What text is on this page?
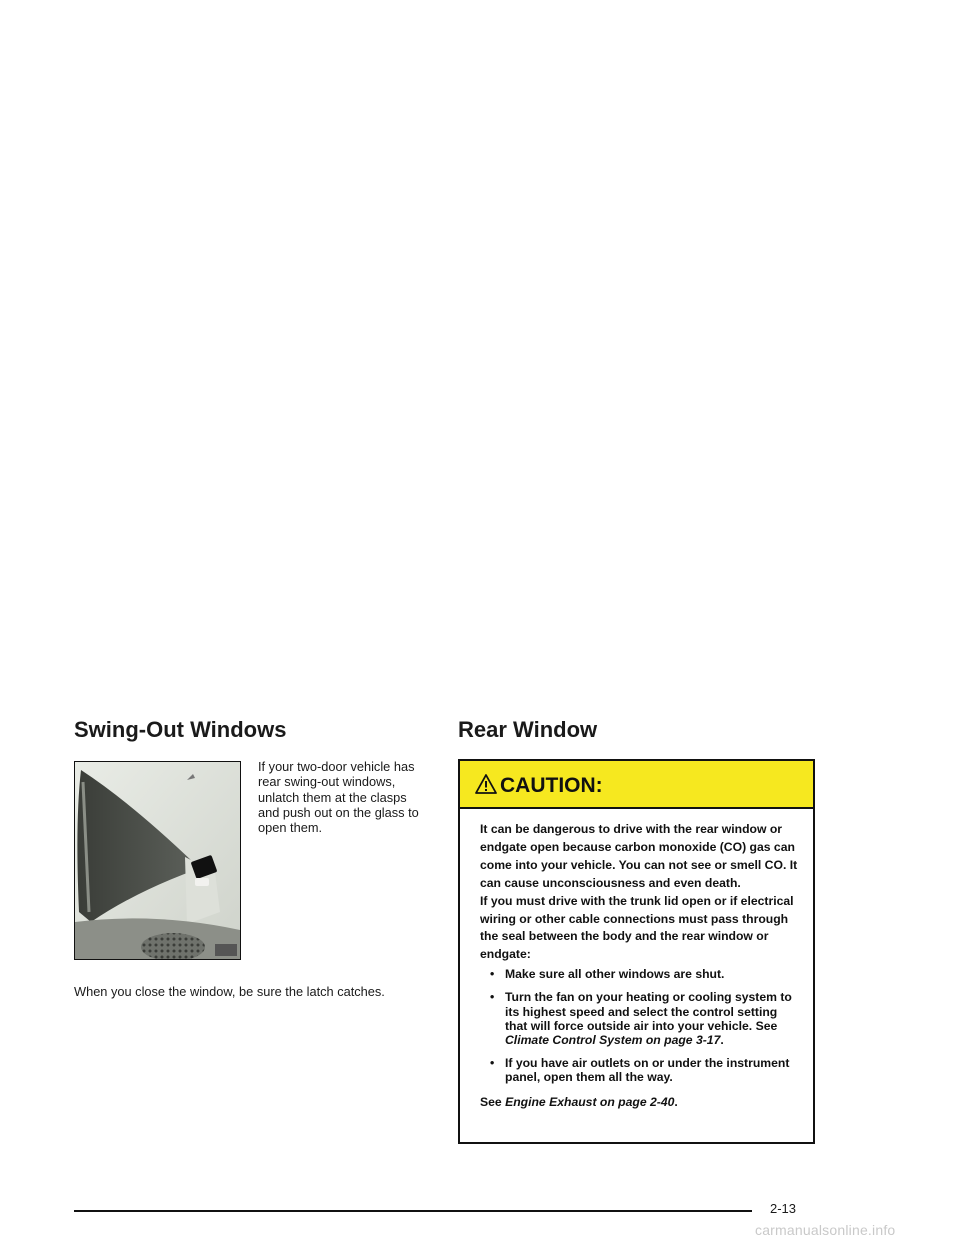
Swing-Out Windows

If your two-door vehicle has rear swing-out windows, unlatch them at the clasps and push out on the glass to open them.

When you close the window, be sure the latch catches.

Rear Window
CAUTION:

It can be dangerous to drive with the rear window or endgate open because carbon monoxide (CO) gas can come into your vehicle. You can not see or smell CO. It can cause unconsciousness and even death.

If you must drive with the trunk lid open or if electrical wiring or other cable connections must pass through the seal between the body and the rear window or endgate:

• Make sure all other windows are shut.
• Turn the fan on your heating or cooling system to its highest speed and select the control setting that will force outside air into your vehicle. See Climate Control System on page 3-17.
• If you have air outlets on or under the instrument panel, open them all the way.

See Engine Exhaust on page 2-40.

2-13
carmanualsonline.info
